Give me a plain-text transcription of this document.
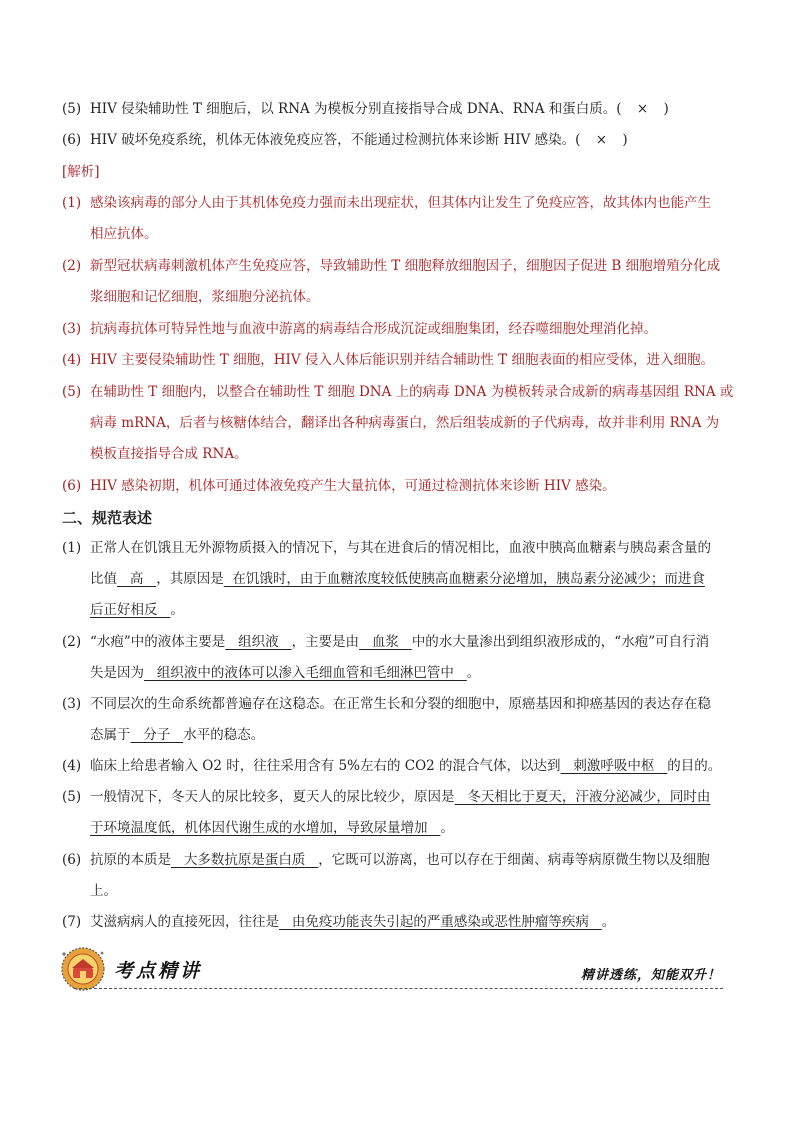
(5) HIV 侵染辅助性 T 细胞后，以 RNA 为模板分别直接指导合成 DNA、RNA 和蛋白质。( × )
(6) HIV 破坏免疫系统，机体无体液免疫应答，不能通过检测抗体来诊断 HIV 感染。( × )
[解析]
(1) 感染该病毒的部分人由于其机体免疫力强而未出现症状，但其体内让发生了免疫应答，故其体内也能产生
相应抗体。
(2) 新型冠状病毒刺激机体产生免疫应答，导致辅助性 T 细胞释放细胞因子，细胞因子促进 B 细胞增殖分化成
浆细胞和记忆细胞，浆细胞分泌抗体。
(3) 抗病毒抗体可特异性地与血液中游离的病毒结合形成沉淀或细胞集团，经吞噬细胞处理消化掉。
(4) HIV 主要侵染辅助性 T 细胞，HIV 侵入人体后能识别并结合辅助性 T 细胞表面的相应受体，进入细胞。
(5) 在辅助性 T 细胞内，以整合在辅助性 T 细胞 DNA 上的病毒 DNA 为模板转录合成新的病毒基因组 RNA 或
病毒 mRNA，后者与核糖体结合，翻译出各种病毒蛋白，然后组装成新的子代病毒，故并非利用 RNA 为
模板直接指导合成 RNA。
(6) HIV 感染初期，机体可通过体液免疫产生大量抗体，可通过检测抗体来诊断 HIV 感染。
二、规范表述
(1) 正常人在饥饿且无外源物质摄入的情况下，与其在进食后的情况相比，血液中胰高血糖素与胰岛素含量的
比值   高   ，其原因是  在饥饿时，由于血糖浓度较低使胰高血糖素分泌增加，胰岛素分泌减少；而进食
后正好相反   。
(2) “水疱”中的液体主要是   组织液   ，主要是由   血浆   中的水大量渗出到组织液形成的，“水疱”可自行消
失是因为   组织液中的液体可以渗入毛细血管和毛细淋巴管中   。
(3) 不同层次的生命系统都普遍存在这稳态。在正常生长和分裂的细胞中，原癌基因和抑癌基因的表达存在稳
态属于   分子   水平的稳态。
(4) 临床上给患者输入 O2 时，往往采用含有 5%左右的 CO2 的混合气体，以达到   刺激呼吸中枢   的目的。
(5) 一般情况下，冬天人的尿比较多，夏天人的尿比较少，原因是   冬天相比于夏天，汗液分泌减少，同时由
于环境温度低，机体因代谢生成的水增加，导致尿量增加   。
(6) 抗原的本质是   大多数抗原是蛋白质   ，它既可以游离，也可以存在于细菌、病毒等病原微生物以及细胞
上。
(7) 艾滋病病人的直接死因，往往是   由免疫功能丧失引起的严重感染或恶性肿瘤等疾病   。
考点精讲	精讲透练，知能双升！
